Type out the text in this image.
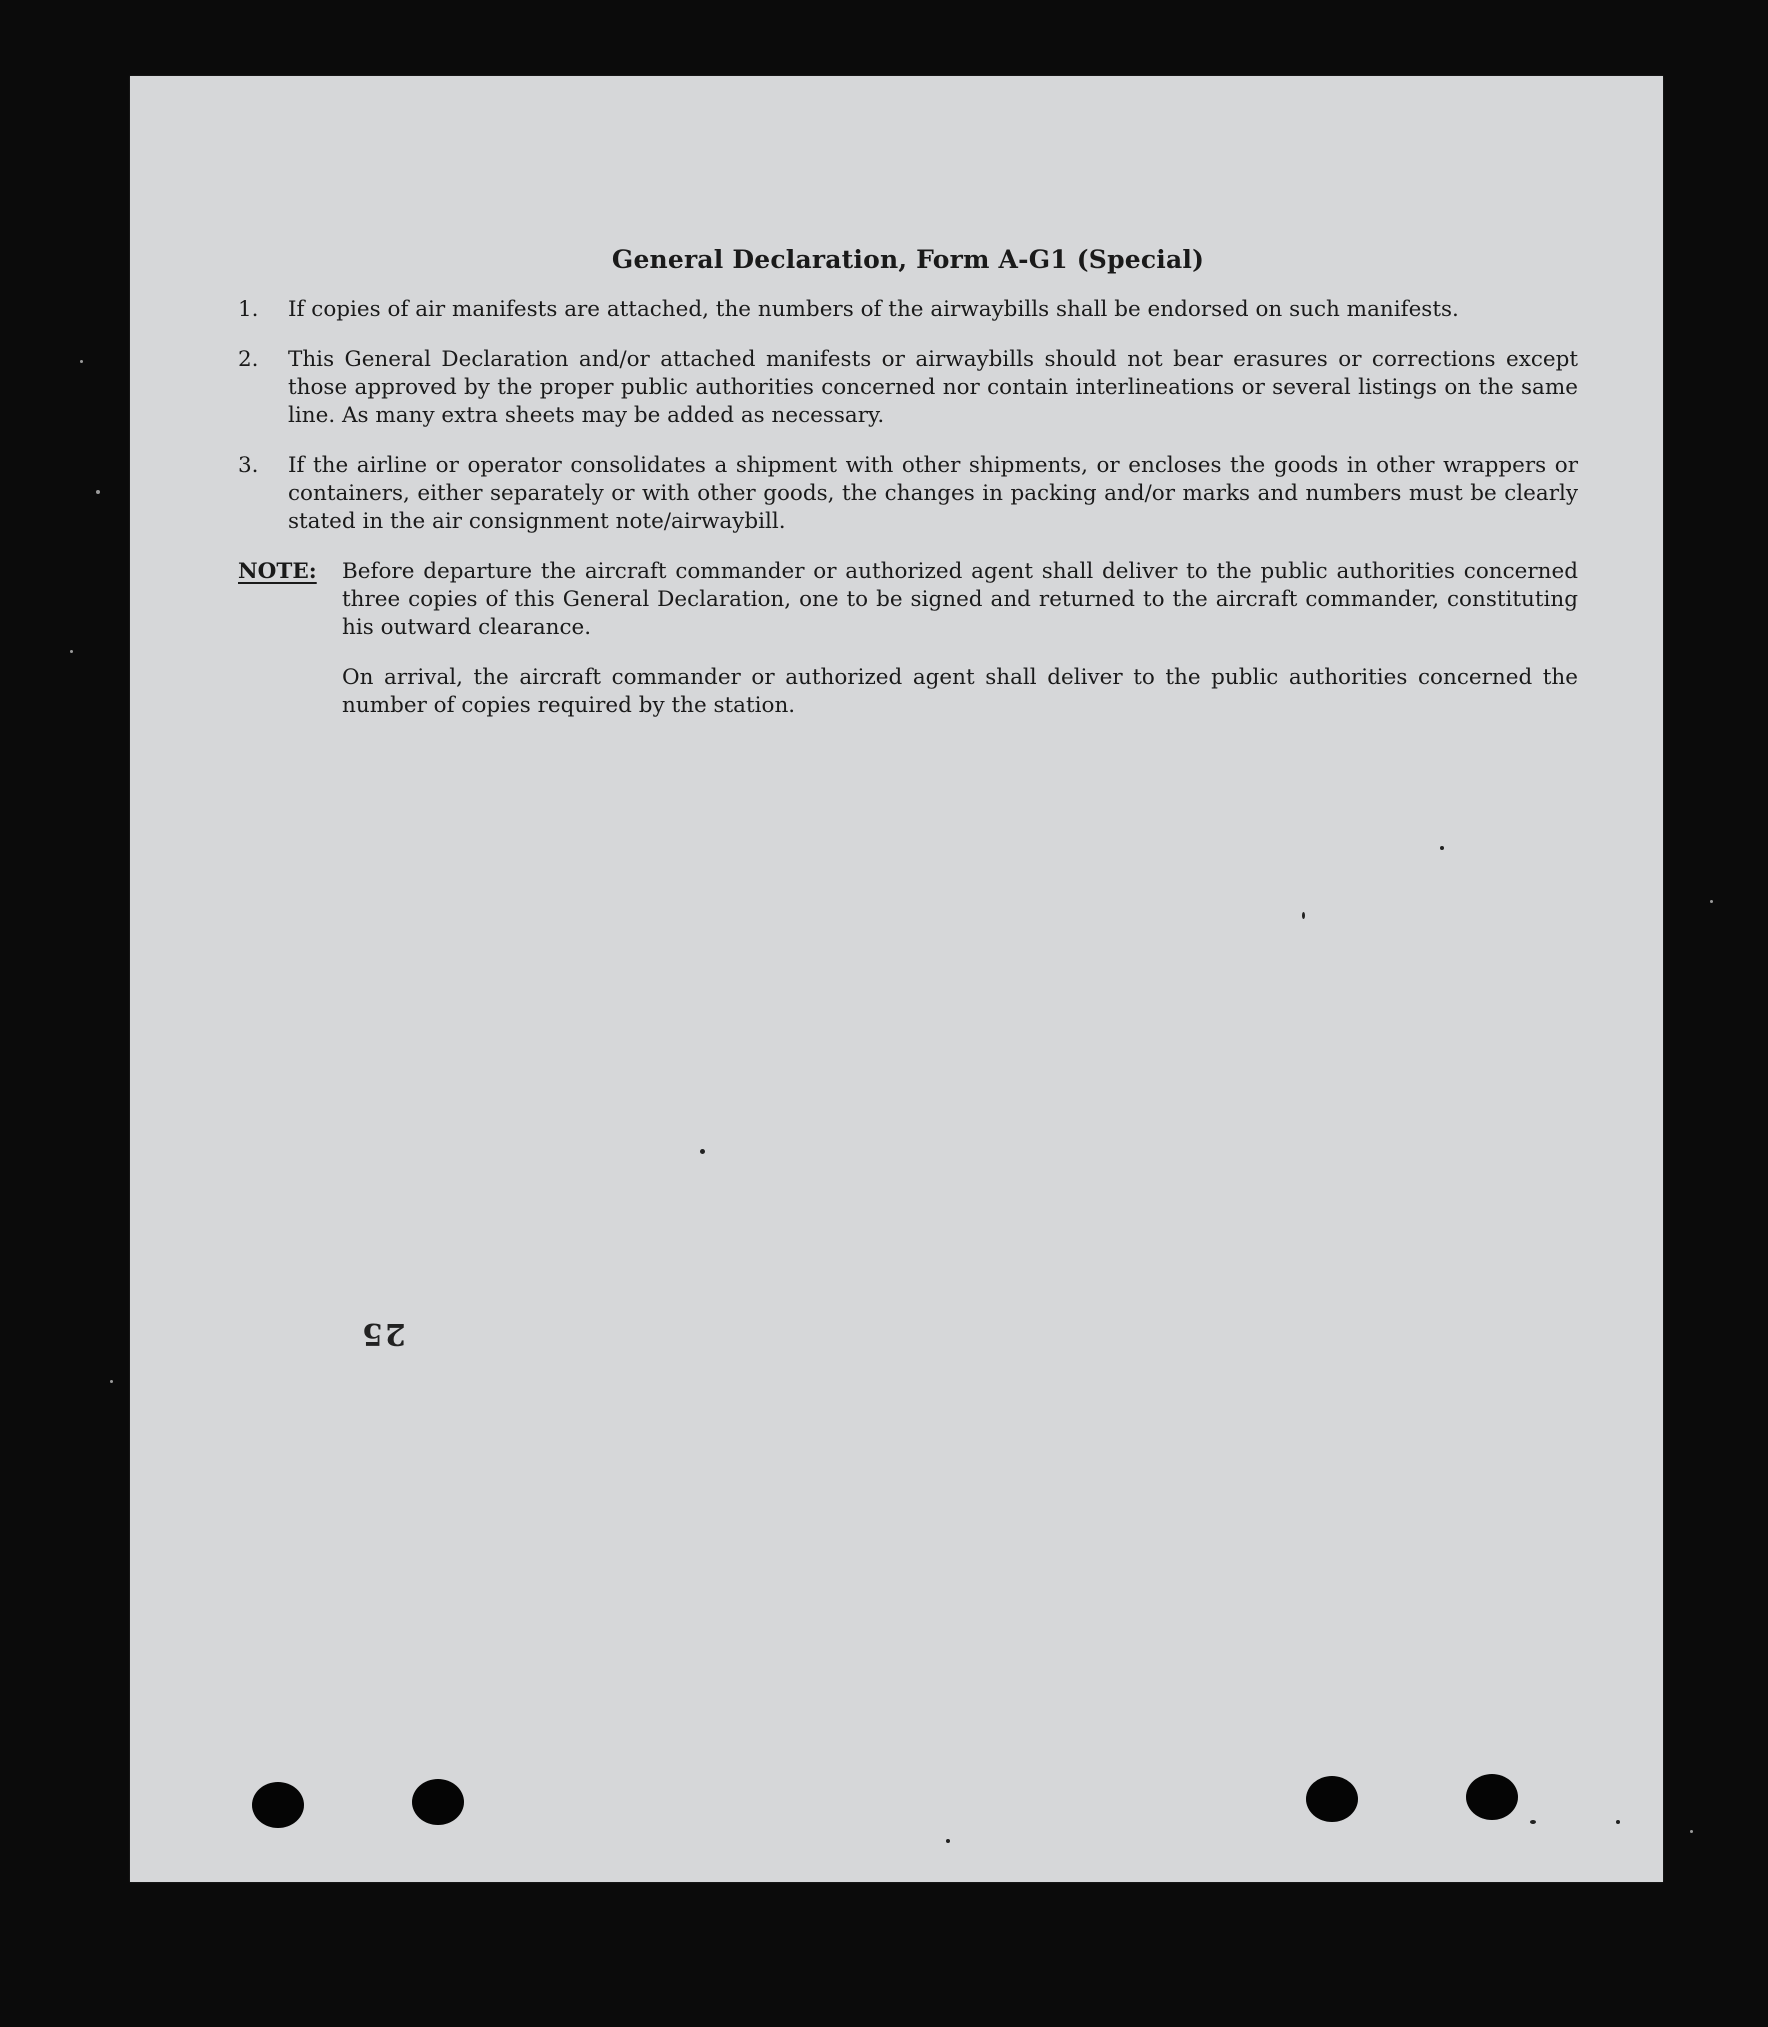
General Declaration, Form A-G1 (Special)
1.	If copies of air manifests are attached, the numbers of the airwaybills shall be endorsed on such manifests.
2.	This General Declaration and/or attached manifests or airwaybills should not bear erasures or corrections except those approved by the proper public authorities concerned nor contain interlineations or several listings on the same line. As many extra sheets may be added as necessary.
3.	If the airline or operator consolidates a shipment with other shipments, or encloses the goods in other wrappers or containers, either separately or with other goods, the changes in packing and/or marks and numbers must be clearly stated in the air consignment note/airwaybill.
NOTE:	Before departure the aircraft commander or authorized agent shall deliver to the public authorities concerned three copies of this General Declaration, one to be signed and returned to the aircraft commander, constituting his outward clearance.
On arrival, the aircraft commander or authorized agent shall deliver to the public authorities concerned the number of copies required by the station.
25
